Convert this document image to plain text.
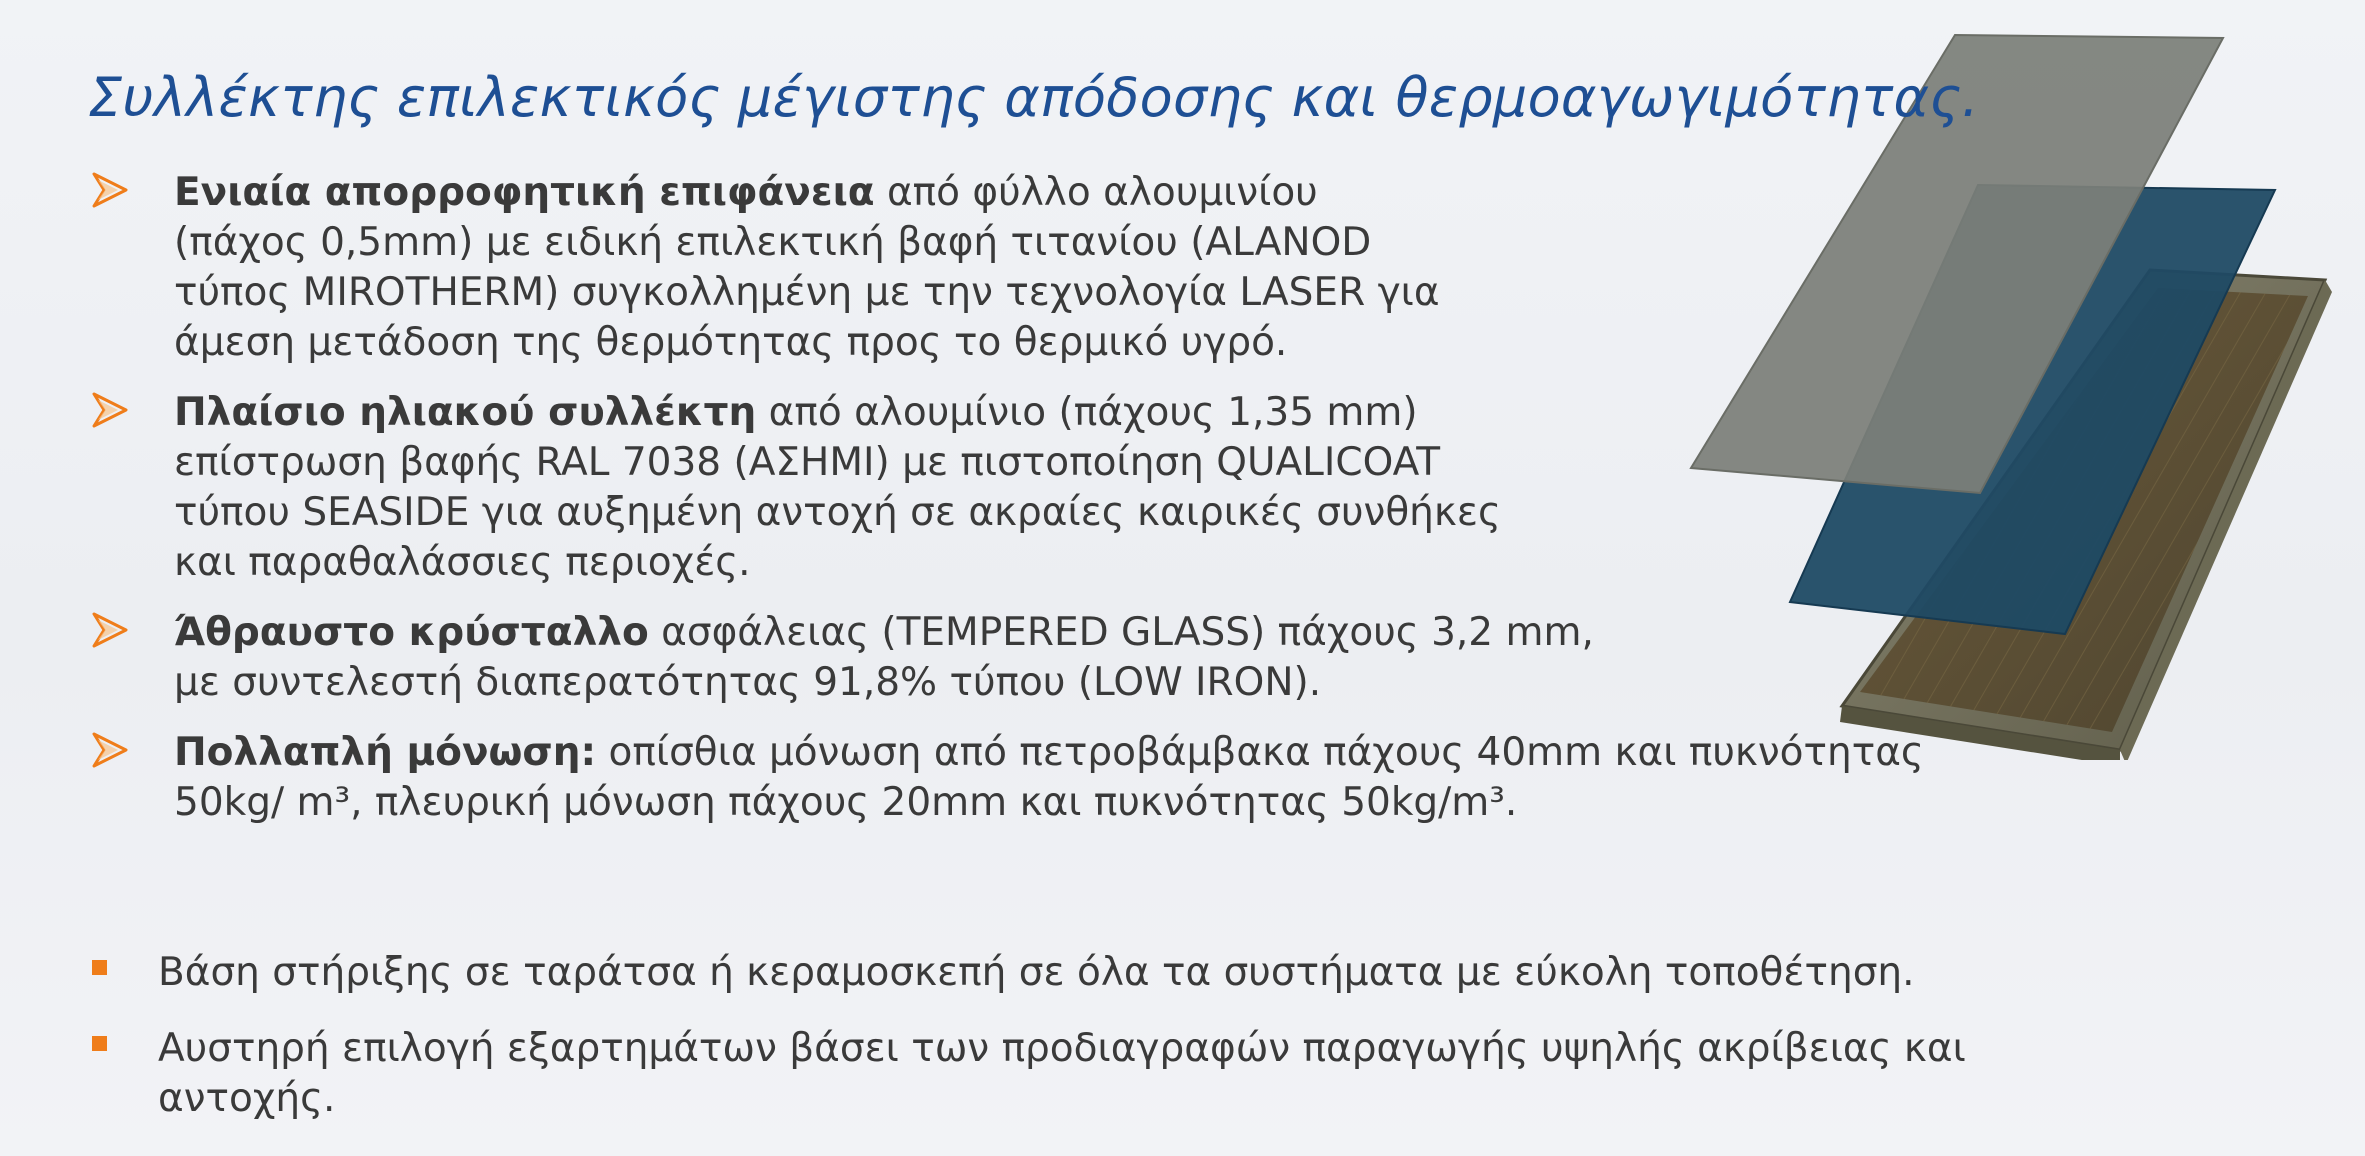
Συλλέκτης επιλεκτικός μέγιστης απόδοσης και θερμοαγωγιμότητας.
Ενιαία απορροφητική επιφάνεια από φύλλο αλουμινίου
(πάχος 0,5mm) με ειδική επιλεκτική βαφή τιτανίου (ALANOD
τύπος MIROTHERM) συγκολλημένη με την τεχνολογία LASER για
άμεση μετάδοση της θερμότητας προς το θερμικό υγρό.
Πλαίσιο ηλιακού συλλέκτη από αλουμίνιο (πάχους 1,35 mm)
επίστρωση βαφής RAL 7038 (ΑΣΗΜΙ) με πιστοποίηση QUALICOAT
τύπου SEASIDE για αυξημένη αντοχή σε ακραίες καιρικές συνθήκες
και παραθαλάσσιες περιοχές.
Άθραυστο κρύσταλλο ασφάλειας (TEMPERED GLASS) πάχους 3,2 mm,
με συντελεστή διαπερατότητας 91,8% τύπου (LOW IRON).
Πολλαπλή μόνωση: οπίσθια μόνωση από πετροβάμβακα πάχους 40mm και πυκνότητας
50kg/ m³, πλευρική μόνωση πάχους 20mm και πυκνότητας 50kg/m³.
Βάση στήριξης σε ταράτσα ή κεραμοσκεπή σε όλα τα συστήματα με εύκολη τοποθέτηση.
Αυστηρή επιλογή εξαρτημάτων βάσει των προδιαγραφών παραγωγής υψηλής ακρίβειας και
αντοχής.
